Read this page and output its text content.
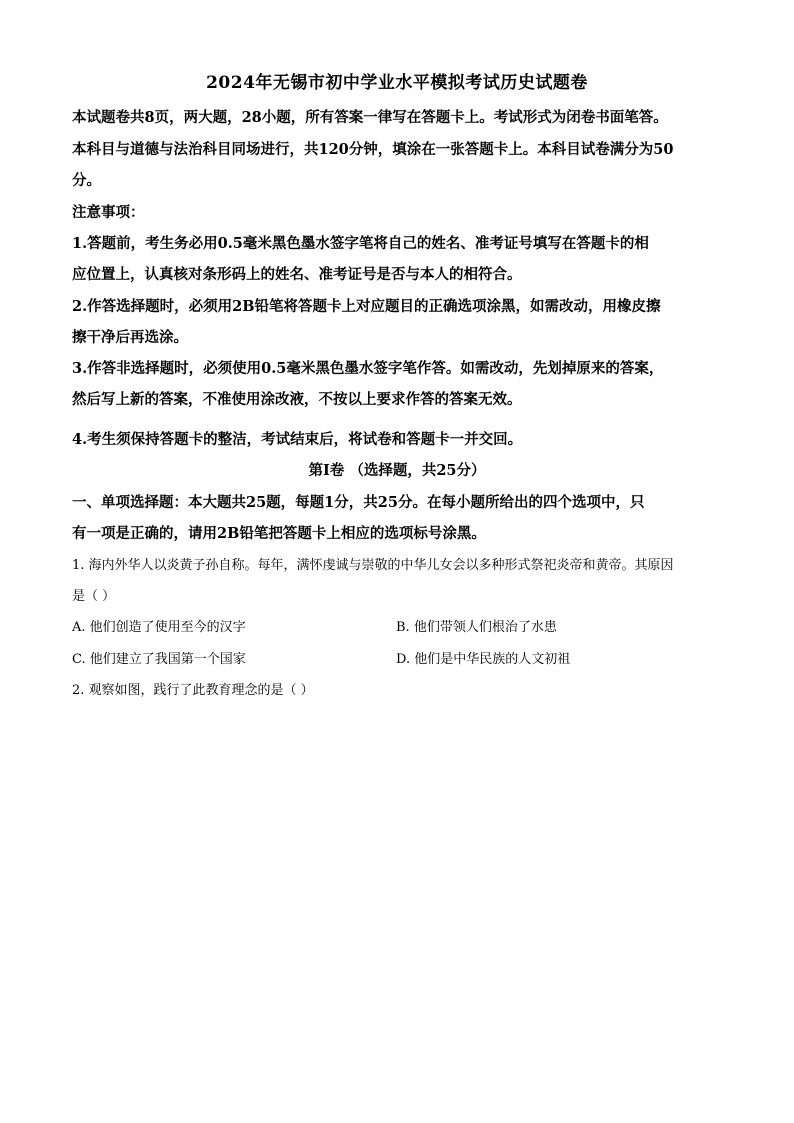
2024年无锡市初中学业水平模拟考试历史试题卷
本试题卷共8页，两大题，28小题，所有答案一律写在答题卡上。考试形式为闭卷书面笔答。
本科目与道德与法治科目同场进行，共120分钟，填涂在一张答题卡上。本科目试卷满分为50
分。
注意事项：
1.答题前，考生务必用0.5毫米黑色墨水签字笔将自己的姓名、准考证号填写在答题卡的相
应位置上，认真核对条形码上的姓名、准考证号是否与本人的相符合。
2.作答选择题时，必须用2B铅笔将答题卡上对应题目的正确选项涂黑，如需改动，用橡皮擦
擦干净后再选涂。
3.作答非选择题时，必须使用0.5毫米黑色墨水签字笔作答。如需改动，先划掉原来的答案，
然后写上新的答案，不准使用涂改液，不按以上要求作答的答案无效。
4.考生须保持答题卡的整洁，考试结束后，将试卷和答题卡一并交回。
第Ⅰ卷 （选择题，共25分）
一、单项选择题：本大题共25题，每题1分，共25分。在每小题所给出的四个选项中，只
有一项是正确的，请用2B铅笔把答题卡上相应的选项标号涂黑。
1. 海内外华人以炎黄子孙自称。每年，满怀虔诚与崇敬的中华儿女会以多种形式祭祀炎帝和黄帝。其原因
是（ ）
A. 他们创造了使用至今的汉字	B. 他们带领人们根治了水患
C. 他们建立了我国第一个国家	D. 他们是中华民族的人文初祖
2. 观察如图，践行了此教育理念的是（ ）
